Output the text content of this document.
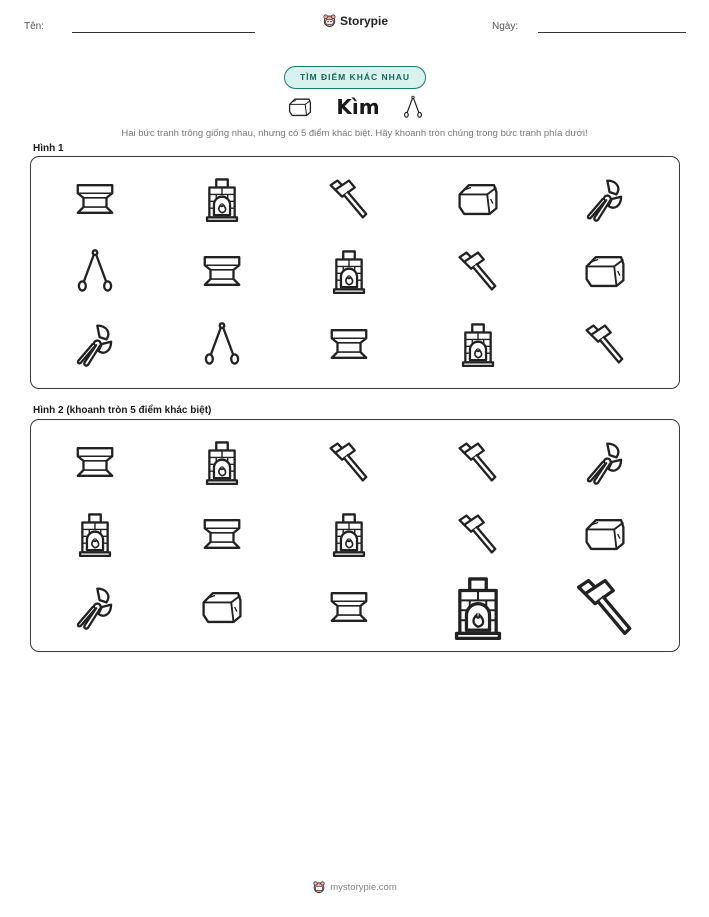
Tên:	Storypie	Ngày:
TÌM ĐIỂM KHÁC NHAU
Kìm
Hai bức tranh trông giống nhau, nhưng có 5 điểm khác biệt. Hãy khoanh tròn chúng trong bức tranh phía dưới!
Hình 1
Hình 2 (khoanh tròn 5 điểm khác biệt)
mystorypie.com
